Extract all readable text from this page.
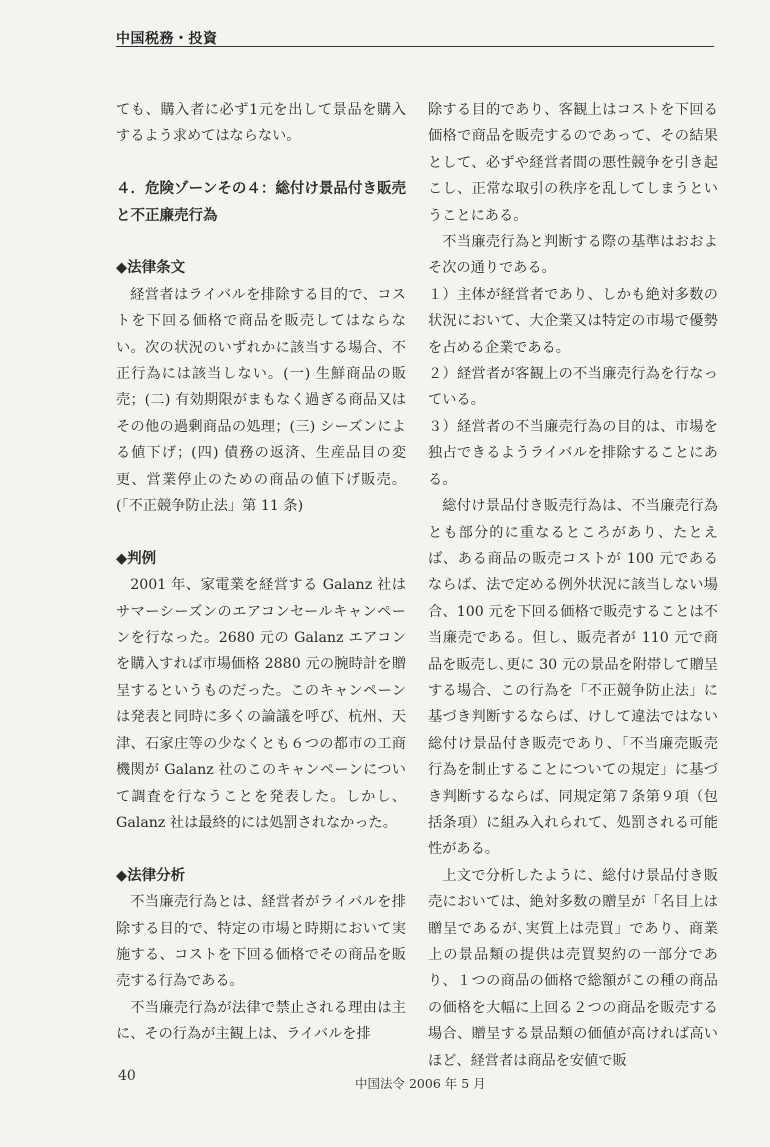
中国税務・投資

ても、購入者に必ず1元を出して景品を購入するよう求めてはならない。

４．危険ゾーンその４：総付け景品付き販売と不正廉売行為

◆法律条文

経営者はライバルを排除する目的で、コストを下回る価格で商品を販売してはならない。次の状況のいずれかに該当する場合、不正行為には該当しない。(一) 生鮮商品の販売；(二) 有効期限がまもなく過ぎる商品又はその他の過剰商品の処理；(三) シーズンによる値下げ；(四) 債務の返済、生産品目の変更、営業停止のための商品の値下げ販売。(「不正競争防止法」第 11 条)

◆判例

2001 年、家電業を経営する Galanz 社はサマーシーズンのエアコンセールキャンペーンを行なった。2680 元の Galanz エアコンを購入すれば市場価格 2880 元の腕時計を贈呈するというものだった。このキャンペーンは発表と同時に多くの論議を呼び、杭州、天津、石家庄等の少なくとも６つの都市の工商機関が Galanz 社のこのキャンペーンについて調査を行なうことを発表した。しかし、Galanz 社は最終的には処罰されなかった。

◆法律分析

不当廉売行為とは、経営者がライバルを排除する目的で、特定の市場と時期において実施する、コストを下回る価格でその商品を販売する行為である。

不当廉売行為が法律で禁止される理由は主に、その行為が主観上は、ライバルを排

除する目的であり、客観上はコストを下回る価格で商品を販売するのであって、その結果として、必ずや経営者間の悪性競争を引き起こし、正常な取引の秩序を乱してしまうということにある。

不当廉売行為と判断する際の基準はおおよそ次の通りである。

１）主体が経営者であり、しかも絶対多数の状況において、大企業又は特定の市場で優勢を占める企業である。

２）経営者が客観上の不当廉売行為を行なっている。

３）経営者の不当廉売行為の目的は、市場を独占できるようライバルを排除することにある。

総付け景品付き販売行為は、不当廉売行為とも部分的に重なるところがあり、たとえば、ある商品の販売コストが 100 元であるならば、法で定める例外状況に該当しない場合、100 元を下回る価格で販売することは不当廉売である。但し、販売者が 110 元で商品を販売し､更に 30 元の景品を附帯して贈呈する場合、この行為を「不正競争防止法」に基づき判断するならば、けして違法ではない総付け景品付き販売であり、「不当廉売販売行為を制止することについての規定」に基づき判断するならば、同規定第７条第９項（包括条項）に組み入れられて、処罰される可能性がある。

上文で分析したように、総付け景品付き販売においては、絶対多数の贈呈が「名目上は贈呈であるが､実質上は売買」であり、商業上の景品類の提供は売買契約の一部分であり、１つの商品の価格で総額がこの種の商品の価格を大幅に上回る２つの商品を販売する場合、贈呈する景品類の価値が高ければ高いほど、経営者は商品を安値で販

40	中国法令 2006 年 5 月
